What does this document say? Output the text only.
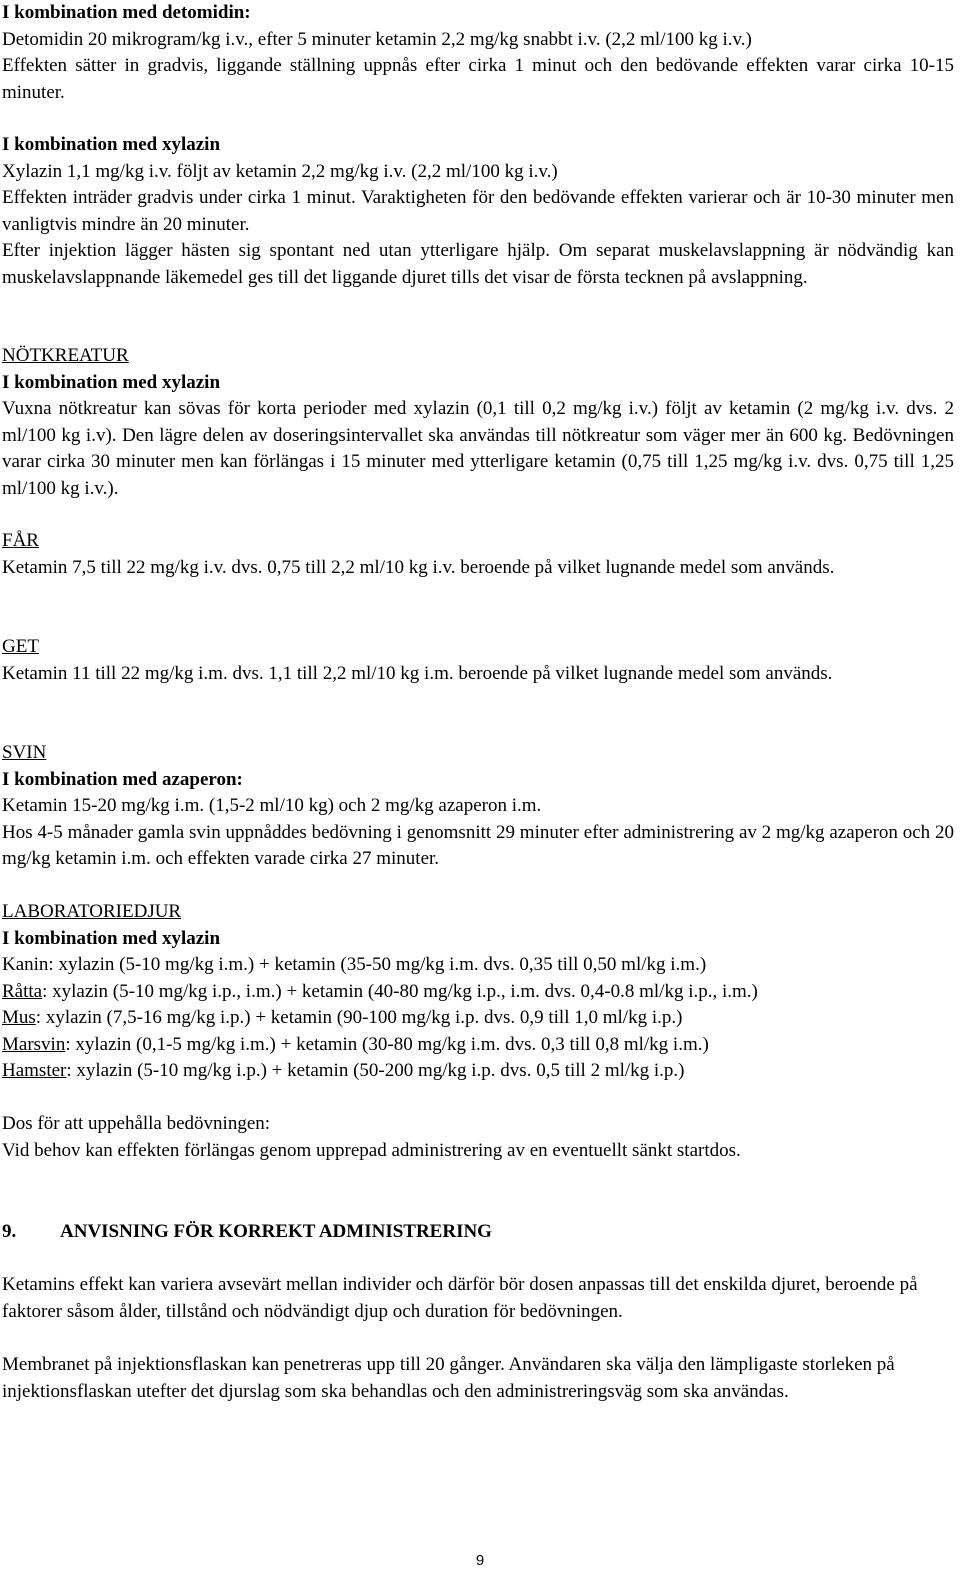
I kombination med detomidin:

Detomidin 20 mikrogram/kg i.v., efter 5 minuter ketamin 2,2 mg/kg snabbt i.v. (2,2 ml/100 kg i.v.)

Effekten sätter in gradvis, liggande ställning uppnås efter cirka 1 minut och den bedövande effekten varar cirka 10-15 minuter.

I kombination med xylazin

Xylazin 1,1 mg/kg i.v. följt av ketamin 2,2 mg/kg i.v. (2,2 ml/100 kg i.v.)

Effekten inträder gradvis under cirka 1 minut. Varaktigheten för den bedövande effekten varierar och är 10-30 minuter men vanligtvis mindre än 20 minuter.

Efter injektion lägger hästen sig spontant ned utan ytterligare hjälp. Om separat muskelavslappning är nödvändig kan muskelavslappnande läkemedel ges till det liggande djuret tills det visar de första tecknen på avslappning.

NÖTKREATUR

I kombination med xylazin

Vuxna nötkreatur kan sövas för korta perioder med xylazin (0,1 till 0,2 mg/kg i.v.) följt av ketamin (2 mg/kg i.v. dvs. 2 ml/100 kg i.v). Den lägre delen av doseringsintervallet ska användas till nötkreatur som väger mer än 600 kg. Bedövningen varar cirka 30 minuter men kan förlängas i 15 minuter med ytterligare ketamin (0,75 till 1,25 mg/kg i.v. dvs. 0,75 till 1,25 ml/100 kg i.v.).

FÅR

Ketamin 7,5 till 22 mg/kg i.v. dvs. 0,75 till 2,2 ml/10 kg i.v. beroende på vilket lugnande medel som används.

GET

Ketamin 11 till 22 mg/kg i.m. dvs. 1,1 till 2,2 ml/10 kg i.m. beroende på vilket lugnande medel som används.

SVIN

I kombination med azaperon:

Ketamin 15-20 mg/kg i.m. (1,5-2 ml/10 kg) och 2 mg/kg azaperon i.m.

Hos 4-5 månader gamla svin uppnåddes bedövning i genomsnitt 29 minuter efter administrering av 2 mg/kg azaperon och 20 mg/kg ketamin i.m. och effekten varade cirka 27 minuter.

LABORATORIEDJUR

I kombination med xylazin

Kanin: xylazin (5-10 mg/kg i.m.) + ketamin (35-50 mg/kg i.m. dvs. 0,35 till 0,50 ml/kg i.m.)

Råtta: xylazin (5-10 mg/kg i.p., i.m.) + ketamin (40-80 mg/kg i.p., i.m. dvs. 0,4-0.8 ml/kg i.p., i.m.)

Mus: xylazin (7,5-16 mg/kg i.p.) + ketamin (90-100 mg/kg i.p. dvs. 0,9 till 1,0 ml/kg i.p.)

Marsvin: xylazin (0,1-5 mg/kg i.m.) + ketamin (30-80 mg/kg i.m. dvs. 0,3 till 0,8 ml/kg i.m.)

Hamster: xylazin (5-10 mg/kg i.p.) + ketamin (50-200 mg/kg i.p. dvs. 0,5 till 2 ml/kg i.p.)

Dos för att uppehålla bedövningen:

Vid behov kan effekten förlängas genom upprepad administrering av en eventuellt sänkt startdos.

9. ANVISNING FÖR KORREKT ADMINISTRERING

Ketamins effekt kan variera avsevärt mellan individer och därför bör dosen anpassas till det enskilda djuret, beroende på faktorer såsom ålder, tillstånd och nödvändigt djup och duration för bedövningen.

Membranet på injektionsflaskan kan penetreras upp till 20 gånger. Användaren ska välja den lämpligaste storleken på injektionsflaskan utefter det djurslag som ska behandlas och den administreringsväg som ska användas.

9
